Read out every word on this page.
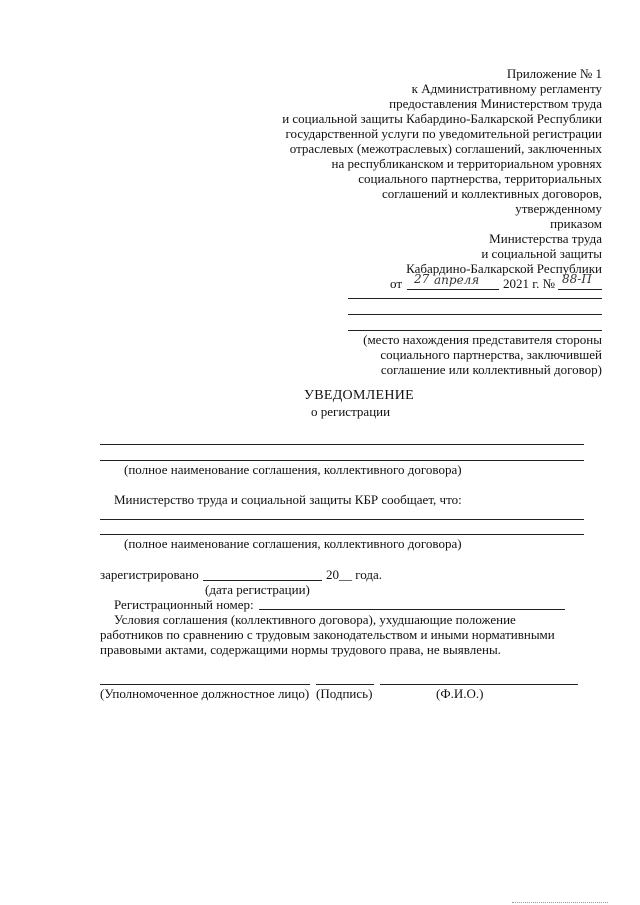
Приложение № 1
к Административному регламенту
предоставления Министерством труда
и социальной защиты Кабардино-Балкарской Республики
государственной услуги по уведомительной регистрации
отраслевых (межотраслевых) соглашений, заключенных
на республиканском и территориальном уровнях
социального партнерства, территориальных
соглашений и коллективных договоров,
утвержденному
приказом
Министерства труда
и социальной защиты
Кабардино-Балкарской Республики
от 27 апреля 2021 г. № 88-П
(место нахождения представителя стороны
социального партнерства, заключившей
соглашение или коллективный договор)
УВЕДОМЛЕНИЕ
о регистрации
(полное наименование соглашения, коллективного договора)
Министерство труда и социальной защиты КБР сообщает, что:
(полное наименование соглашения, коллективного договора)
зарегистрировано	20__ года.
(дата регистрации)
Регистрационный номер:
Условия соглашения (коллективного договора), ухудшающие положение
работников по сравнению с трудовым законодательством и иными нормативными
правовыми актами, содержащими нормы трудового права, не выявлены.
(Уполномоченное должностное лицо) (Подпись)	(Ф.И.О.)
